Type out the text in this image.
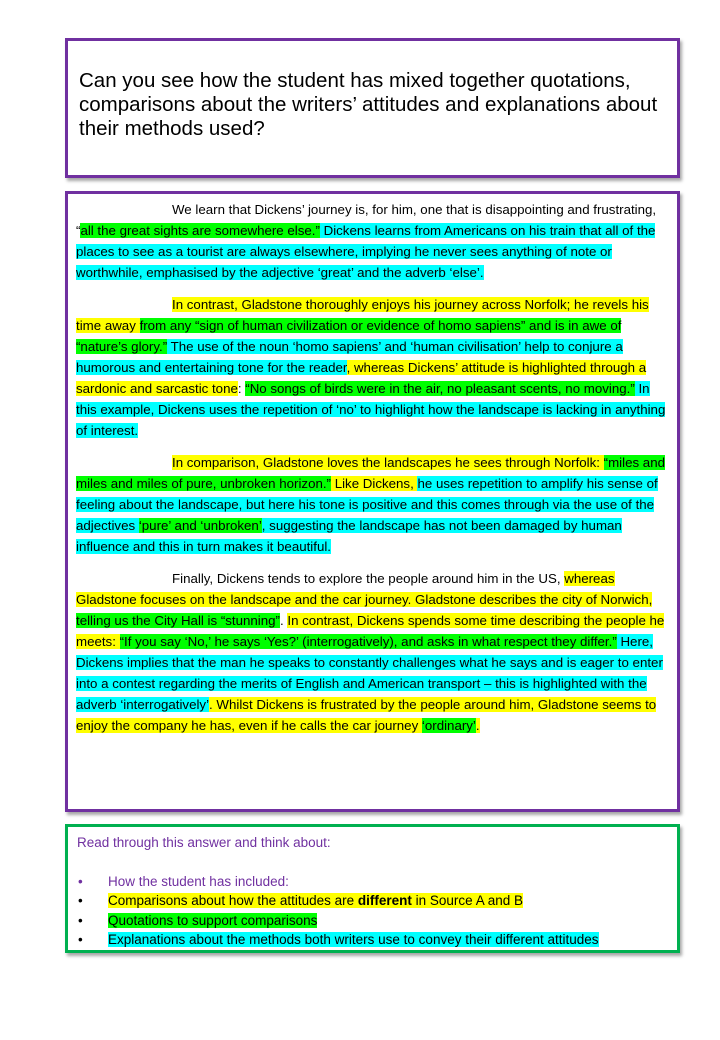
Can you see how the student has mixed together quotations, comparisons about the writers’ attitudes and explanations about their methods used?

We learn that Dickens’ journey is, for him, one that is disappointing and frustrating, “all the great sights are somewhere else.” Dickens learns from Americans on his train that all of the places to see as a tourist are always elsewhere, implying he never sees anything of note or worthwhile, emphasised by the adjective ‘great’ and the adverb ‘else’.

In contrast, Gladstone thoroughly enjoys his journey across Norfolk; he revels his time away from any “sign of human civilization or evidence of homo sapiens” and is in awe of “nature’s glory.” The use of the noun ‘homo sapiens’ and ‘human civilisation’ help to conjure a humorous and entertaining tone for the reader, whereas Dickens’ attitude is highlighted through a sardonic and sarcastic tone: “No songs of birds were in the air, no pleasant scents, no moving.” In this example, Dickens uses the repetition of ‘no’ to highlight how the landscape is lacking in anything of interest.

In comparison, Gladstone loves the landscapes he sees through Norfolk: “miles and miles and miles of pure, unbroken horizon.” Like Dickens, he uses repetition to amplify his sense of feeling about the landscape, but here his tone is positive and this comes through via the use of the adjectives ‘pure’ and ‘unbroken’, suggesting the landscape has not been damaged by human influence and this in turn makes it beautiful.

Finally, Dickens tends to explore the people around him in the US, whereas Gladstone focuses on the landscape and the car journey. Gladstone describes the city of Norwich, telling us the City Hall is “stunning”. In contrast, Dickens spends some time describing the people he meets: “If you say ‘No,’ he says ‘Yes?’ (interrogatively), and asks in what respect they differ.” Here, Dickens implies that the man he speaks to constantly challenges what he says and is eager to enter into a contest regarding the merits of English and American transport – this is highlighted with the adverb ‘interrogatively’. Whilst Dickens is frustrated by the people around him, Gladstone seems to enjoy the company he has, even if he calls the car journey ‘ordinary’.

Read through this answer and think about:
• How the student has included:
• Comparisons about how the attitudes are different in Source A and B
• Quotations to support comparisons
• Explanations about the methods both writers use to convey their different attitudes
